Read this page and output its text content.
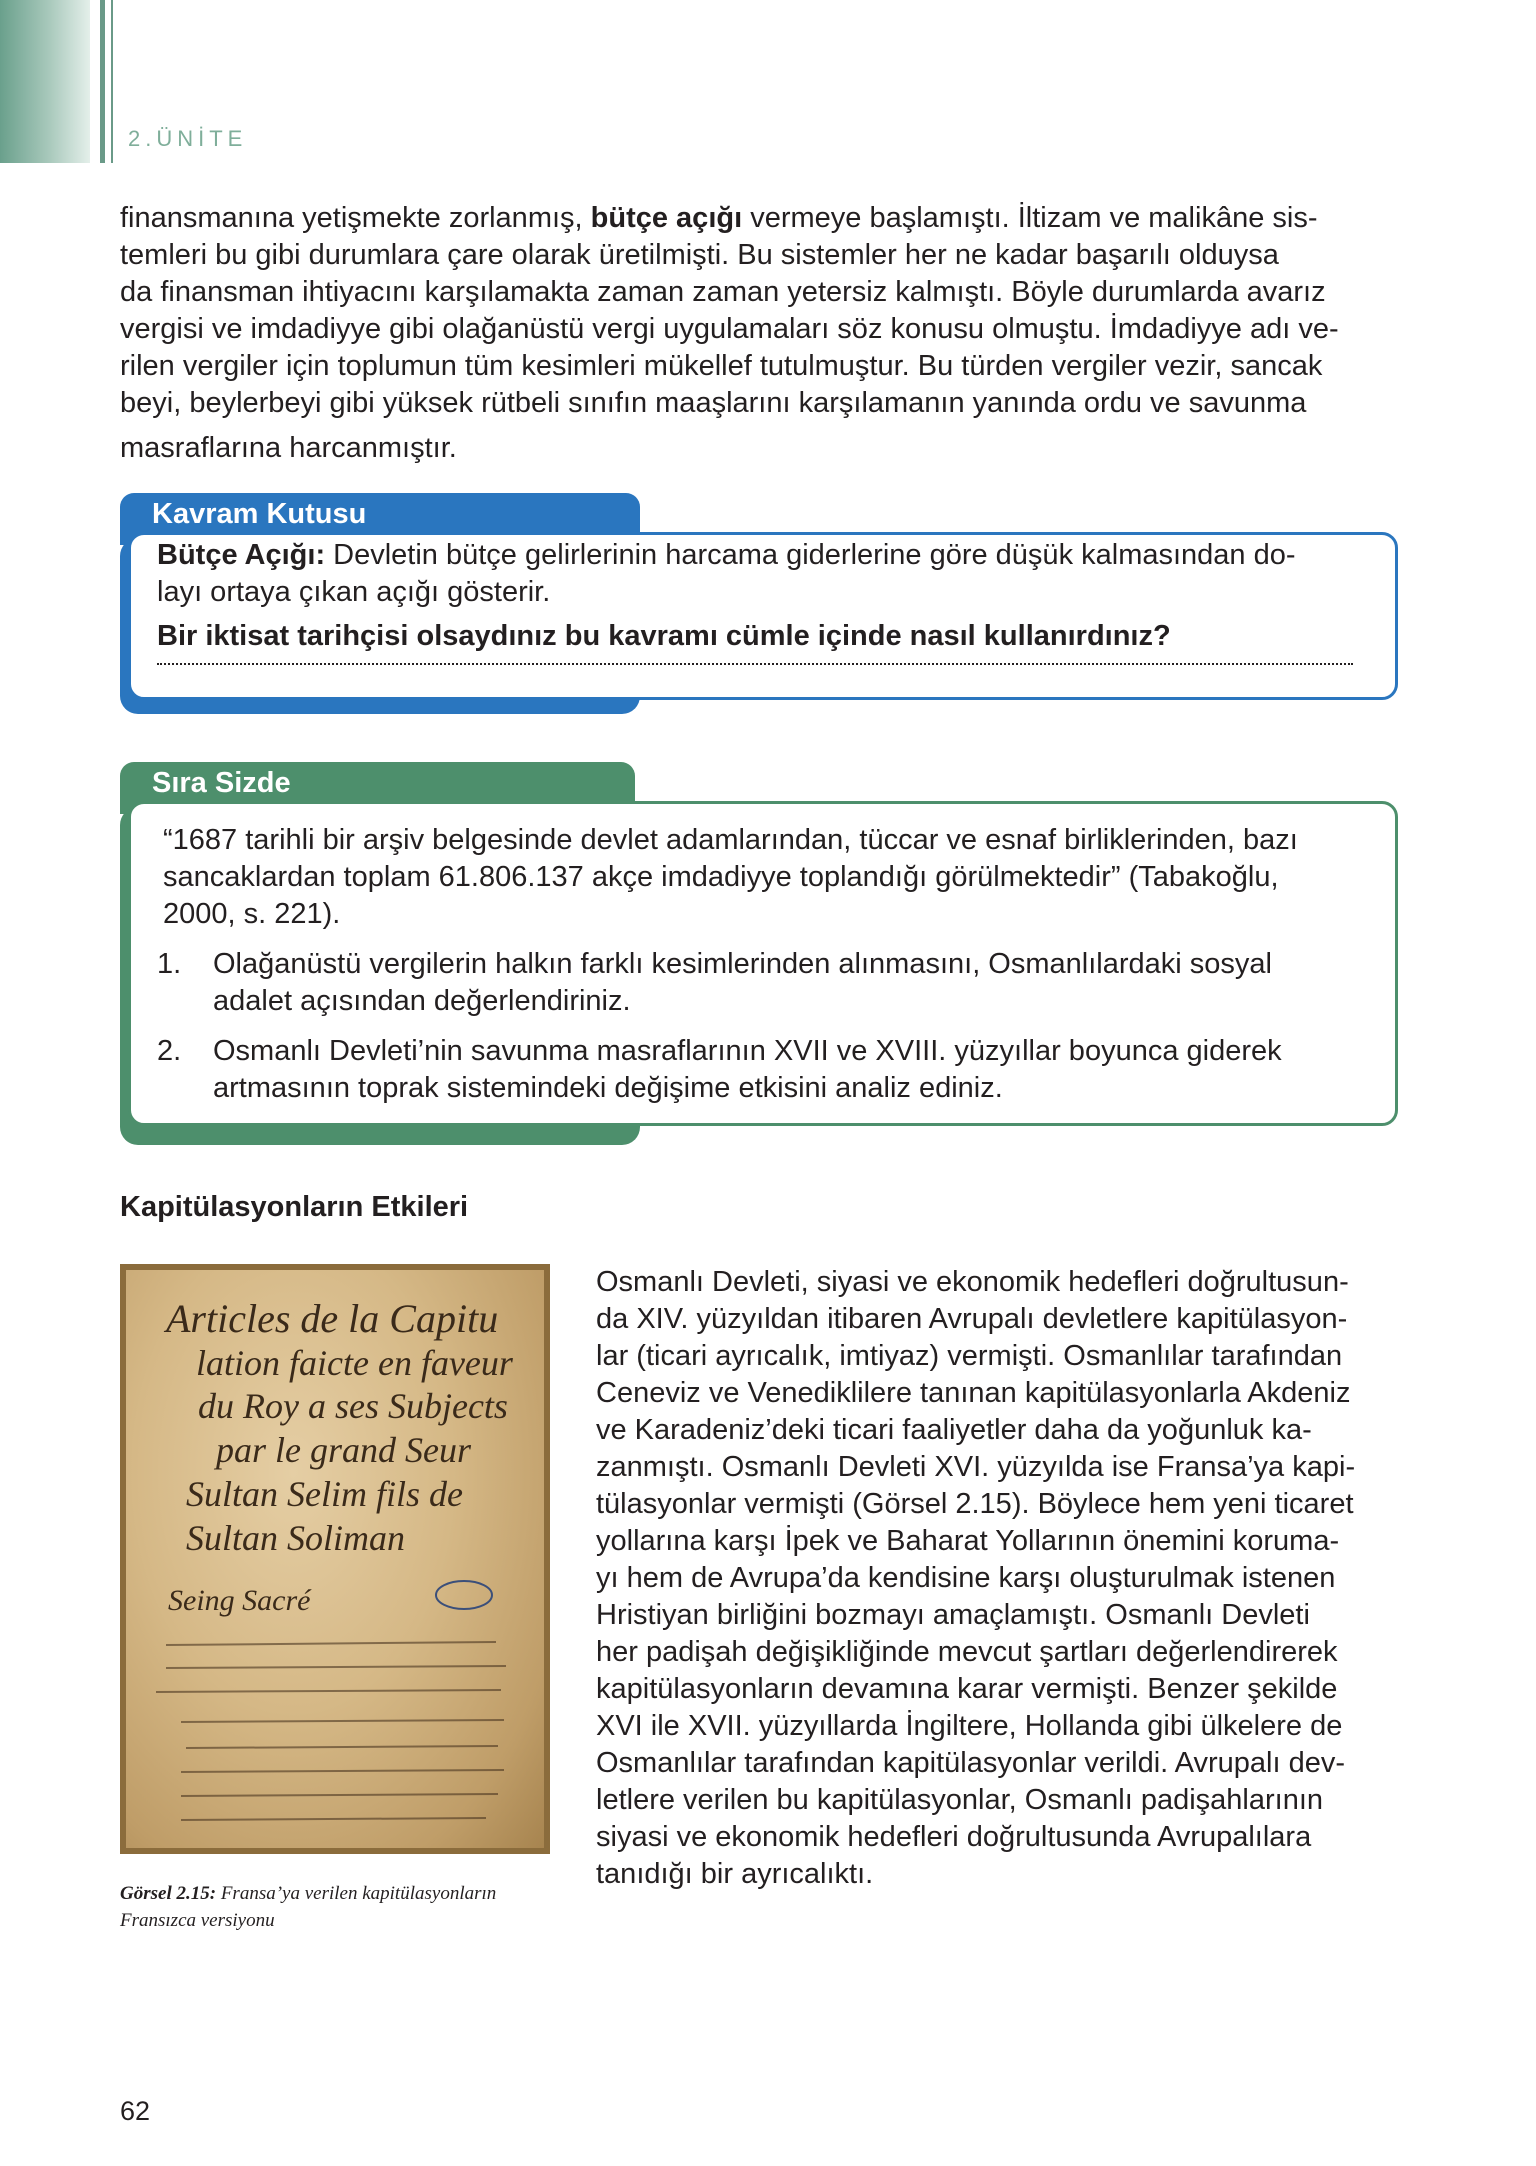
2.ÜNİTE

finansmanına yetişmekte zorlanmış, bütçe açığı vermeye başlamıştı. İltizam ve malikâne sis-

temleri bu gibi durumlara çare olarak üretilmişti. Bu sistemler her ne kadar başarılı olduysa

da finansman ihtiyacını karşılamakta zaman zaman yetersiz kalmıştı. Böyle durumlarda avarız

vergisi ve imdadiyye gibi olağanüstü vergi uygulamaları söz konusu olmuştu. İmdadiyye adı ve-

rilen vergiler için toplumun tüm kesimleri mükellef tutulmuştur. Bu türden vergiler vezir, sancak

beyi, beylerbeyi gibi yüksek rütbeli sınıfın maaşlarını karşılamanın yanında ordu ve savunma

masraflarına harcanmıştır.

Kavram Kutusu

Bütçe Açığı: Devletin bütçe gelirlerinin harcama giderlerine göre düşük kalmasından do-

layı ortaya çıkan açığı gösterir.

Bir iktisat tarihçisi olsaydınız bu kavramı cümle içinde nasıl kullanırdınız?

Sıra Sizde

“1687 tarihli bir arşiv belgesinde devlet adamlarından, tüccar ve esnaf birliklerinden, bazı

sancaklardan toplam 61.806.137 akçe imdadiyye toplandığı görülmektedir” (Tabakoğlu,

2000, s. 221).

1. Olağanüstü vergilerin halkın farklı kesimlerinden alınmasını, Osmanlılardaki sosyal

adalet açısından değerlendiriniz.

2. Osmanlı Devleti’nin savunma masraflarının XVII ve XVIII. yüzyıllar boyunca giderek

artmasının toprak sistemindeki değişime etkisini analiz ediniz.

Kapitülasyonların Etkileri
Articles de la Capitu
lation faicte en faveur
du Roy a ses Subjects
par le grand Seur
Sultan Selim fils de
Sultan Soliman
Seing Sacré

Görsel 2.15: Fransa’ya verilen kapitülasyonların
Fransızca versiyonu

Osmanlı Devleti, siyasi ve ekonomik hedefleri doğrultusun-

da XIV. yüzyıldan itibaren Avrupalı devletlere kapitülasyon-

lar (ticari ayrıcalık, imtiyaz) vermişti. Osmanlılar tarafından

Ceneviz ve Venediklilere tanınan kapitülasyonlarla Akdeniz

ve Karadeniz’deki ticari faaliyetler daha da yoğunluk ka-

zanmıştı. Osmanlı Devleti XVI. yüzyılda ise Fransa’ya kapi-

tülasyonlar vermişti (Görsel 2.15). Böylece hem yeni ticaret

yollarına karşı İpek ve Baharat Yollarının önemini koruma-

yı hem de Avrupa’da kendisine karşı oluşturulmak istenen

Hristiyan birliğini bozmayı amaçlamıştı. Osmanlı Devleti

her padişah değişikliğinde mevcut şartları değerlendirerek

kapitülasyonların devamına karar vermişti. Benzer şekilde

XVI ile XVII. yüzyıllarda İngiltere, Hollanda gibi ülkelere de

Osmanlılar tarafından kapitülasyonlar verildi. Avrupalı dev-

letlere verilen bu kapitülasyonlar, Osmanlı padişahlarının

siyasi ve ekonomik hedefleri doğrultusunda Avrupalılara

tanıdığı bir ayrıcalıktı.

62
